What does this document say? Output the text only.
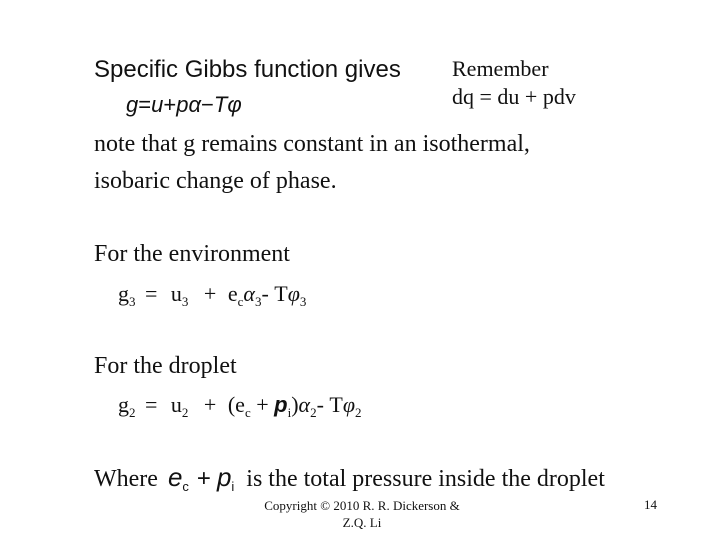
Specific Gibbs function gives
g=u+pα−Tφ
Remember
dq = du + pdv
note that g remains constant in an isothermal,
isobaric change of phase.
For the environment
$g_3 = u_3 + e_c\alpha_3-$ $T\varphi_3$
For the droplet
$g_2 = u_2 + (e_c + p_i)\alpha_2-$ $T\varphi_2$
Where $e_c + p_i$ is the total pressure inside the droplet
Copyright © 2010 R. R. Dickerson &
Z.Q. Li
14
